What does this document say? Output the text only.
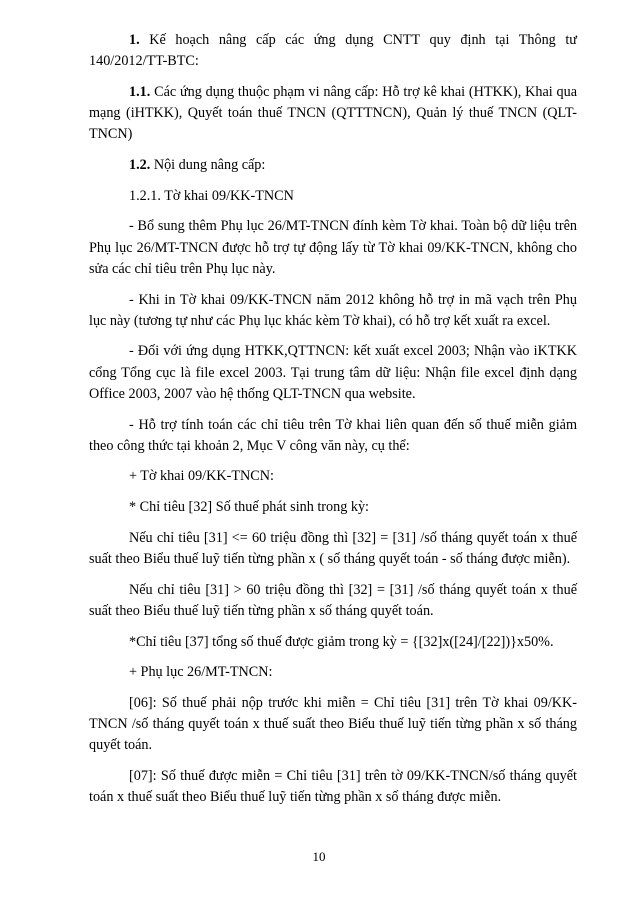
1. Kế hoạch nâng cấp các ứng dụng CNTT quy định tại Thông tư 140/2012/TT-BTC:

1.1. Các ứng dụng thuộc phạm vi nâng cấp: Hỗ trợ kê khai (HTKK), Khai qua mạng (iHTKK), Quyết toán thuế TNCN (QTTTNCN), Quản lý thuế TNCN (QLT-TNCN)

1.2. Nội dung nâng cấp:

1.2.1. Tờ khai 09/KK-TNCN

- Bổ sung thêm Phụ lục 26/MT-TNCN đính kèm Tờ khai. Toàn bộ dữ liệu trên Phụ lục 26/MT-TNCN được hỗ trợ tự động lấy từ Tờ khai 09/KK-TNCN, không cho sửa các chỉ tiêu trên Phụ lục này.

- Khi in Tờ khai 09/KK-TNCN năm 2012 không hỗ trợ in mã vạch trên Phụ lục này (tương tự như các Phụ lục khác kèm Tờ khai), có hỗ trợ kết xuất ra excel.

- Đối với ứng dụng HTKK,QTTNCN: kết xuất excel 2003; Nhận vào iKTKK cổng Tổng cục là file excel 2003. Tại trung tâm dữ liệu: Nhận file excel định dạng Office 2003, 2007 vào hệ thống QLT-TNCN qua website.

- Hỗ trợ tính toán các chỉ tiêu trên Tờ khai liên quan đến số thuế miễn giảm theo công thức tại khoản 2, Mục V công văn này, cụ thể:

+ Tờ khai 09/KK-TNCN:

* Chỉ tiêu [32] Số thuế phát sinh trong kỳ:

Nếu chỉ tiêu [31] <= 60 triệu đồng thì [32] = [31] /số tháng quyết toán x thuế suất theo Biểu thuế luỹ tiến từng phần x ( số tháng quyết toán - số tháng được miễn).

Nếu chỉ tiêu [31] > 60 triệu đồng thì [32] = [31] /số tháng quyết toán x thuế suất theo Biểu thuế luỹ tiến từng phần x số tháng quyết toán.

*Chỉ tiêu [37] tổng số thuế được giảm trong kỳ = {[32]x([24]/[22])}x50%.

+ Phụ lục 26/MT-TNCN:

[06]: Số thuế phải nộp trước khi miễn = Chỉ tiêu [31] trên Tờ khai 09/KK-TNCN /số tháng quyết toán x thuế suất theo Biểu thuế luỹ tiến từng phần x số tháng quyết toán.

[07]: Số thuế được miễn = Chỉ tiêu [31] trên tờ 09/KK-TNCN/số tháng quyết toán x thuế suất theo Biểu thuế luỹ tiến từng phần x số tháng được miễn.

10
